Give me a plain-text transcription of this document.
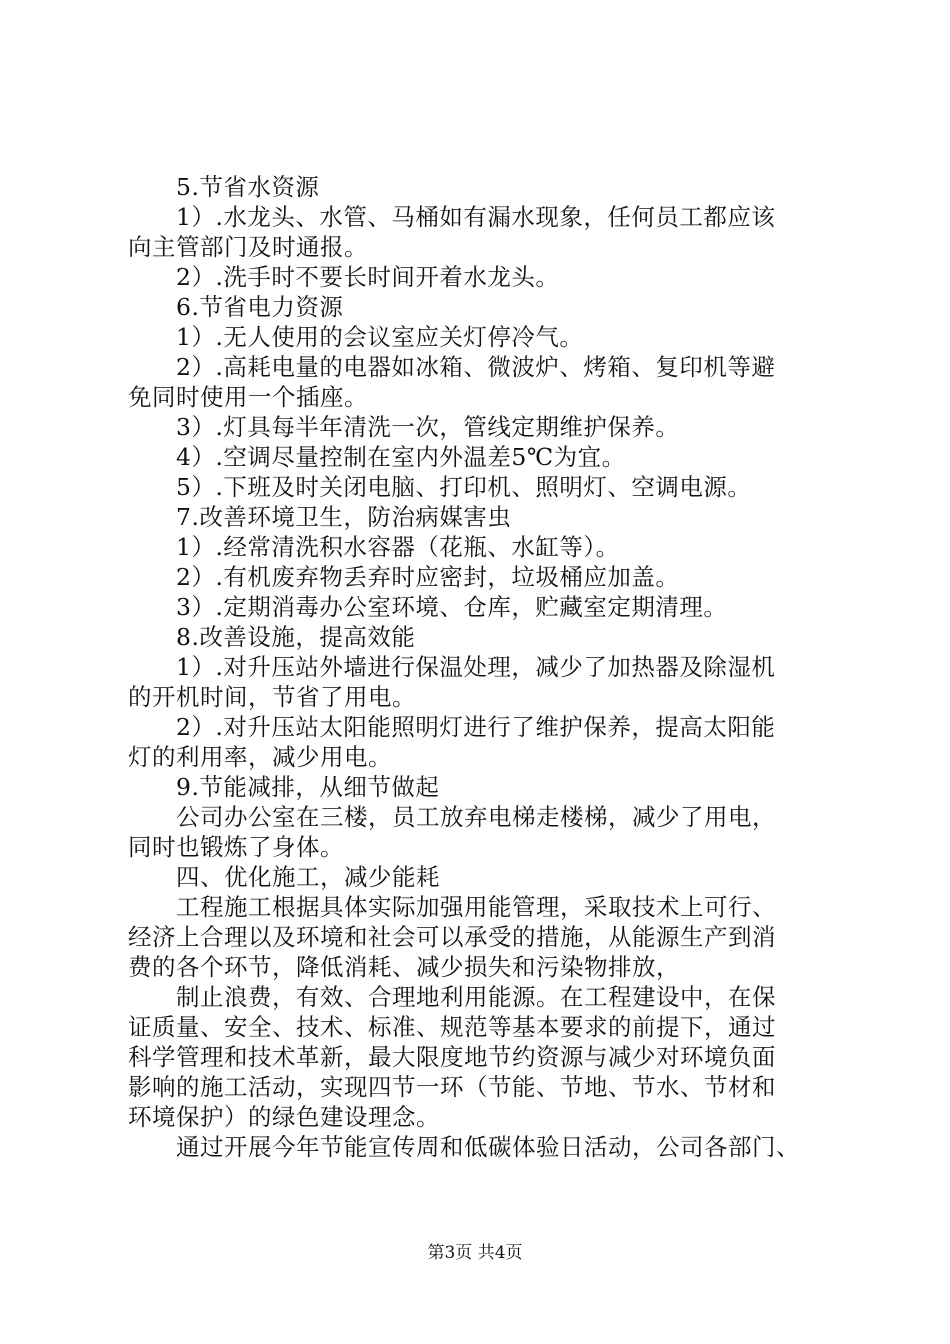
5.节省水资源
1）.水龙头、水管、马桶如有漏水现象，任何员工都应该
向主管部门及时通报。
2）.洗手时不要长时间开着水龙头。
6.节省电力资源
1）.无人使用的会议室应关灯停冷气。
2）.高耗电量的电器如冰箱、微波炉、烤箱、复印机等避
免同时使用一个插座。
3）.灯具每半年清洗一次，管线定期维护保养。
4）.空调尽量控制在室内外温差5℃为宜。
5）.下班及时关闭电脑、打印机、照明灯、空调电源。
7.改善环境卫生，防治病媒害虫
1）.经常清洗积水容器（花瓶、水缸等）。
2）.有机废弃物丢弃时应密封，垃圾桶应加盖。
3）.定期消毒办公室环境、仓库，贮藏室定期清理。
8.改善设施，提高效能
1）.对升压站外墙进行保温处理，减少了加热器及除湿机
的开机时间，节省了用电。
2）.对升压站太阳能照明灯进行了维护保养，提高太阳能
灯的利用率，减少用电。
9.节能减排，从细节做起
公司办公室在三楼，员工放弃电梯走楼梯，减少了用电，
同时也锻炼了身体。
四、优化施工，减少能耗
工程施工根据具体实际加强用能管理，采取技术上可行、
经济上合理以及环境和社会可以承受的措施，从能源生产到消
费的各个环节，降低消耗、减少损失和污染物排放，
制止浪费，有效、合理地利用能源。在工程建设中，在保
证质量、安全、技术、标准、规范等基本要求的前提下，通过
科学管理和技术革新，最大限度地节约资源与减少对环境负面
影响的施工活动，实现四节一环（节能、节地、节水、节材和
环境保护）的绿色建设理念。
通过开展今年节能宣传周和低碳体验日活动，公司各部门、
第3页 共4页
